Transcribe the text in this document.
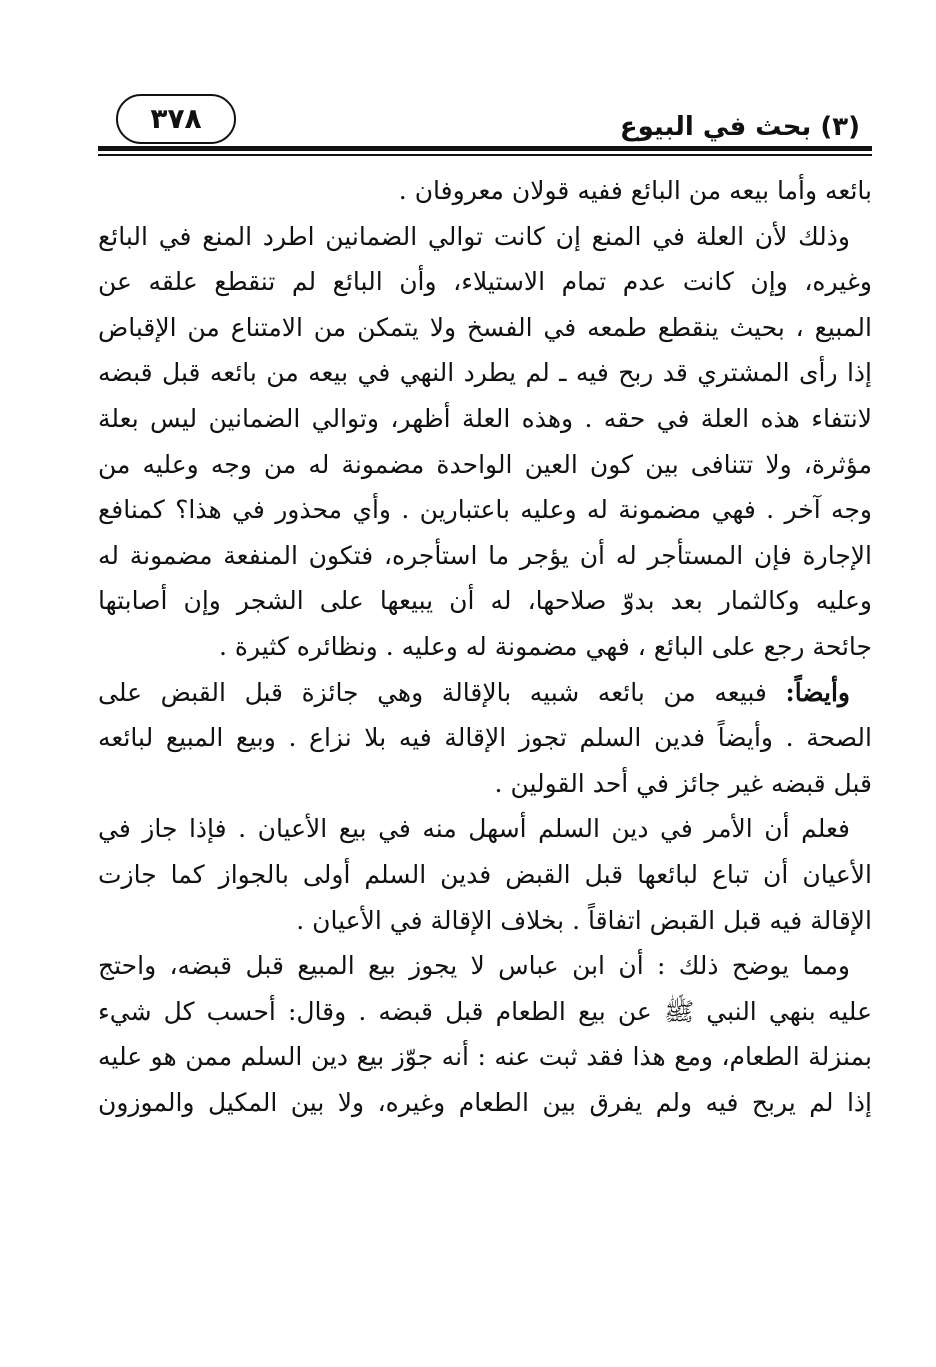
٣٧٨	(٣) بحث في البيوع
بائعه وأما بيعه من البائع ففيه قولان معروفان .
وذلك لأن العلة في المنع إن كانت توالي الضمانين اطرد المنع في البائع
وغيره، وإن كانت عدم تمام الاستيلاء، وأن البائع لم تنقطع علقه عن
المبيع ، بحيث ينقطع طمعه في الفسخ ولا يتمكن من الامتناع من الإقباض
إذا رأى المشتري قد ربح فيه ـ لم يطرد النهي في بيعه من بائعه قبل قبضه
لانتفاء هذه العلة في حقه . وهذه العلة أظهر، وتوالي الضمانين ليس بعلة
مؤثرة، ولا تتنافى بين كون العين الواحدة مضمونة له من وجه وعليه من
وجه آخر . فهي مضمونة له وعليه باعتبارين . وأي محذور في هذا؟ كمنافع
الإجارة فإن المستأجر له أن يؤجر ما استأجره، فتكون المنفعة مضمونة له
وعليه وكالثمار بعد بدوّ صلاحها، له أن يبيعها على الشجر وإن أصابتها
جائحة رجع على البائع ، فهي مضمونة له وعليه . ونظائره كثيرة .
وأيضاً: فبيعه من بائعه شبيه بالإقالة وهي جائزة قبل القبض على
الصحة . وأيضاً فدين السلم تجوز الإقالة فيه بلا نزاع . وبيع المبيع لبائعه
قبل قبضه غير جائز في أحد القولين .
فعلم أن الأمر في دين السلم أسهل منه في بيع الأعيان . فإذا جاز في
الأعيان أن تباع لبائعها قبل القبض فدين السلم أولى بالجواز كما جازت
الإقالة فيه قبل القبض اتفاقاً . بخلاف الإقالة في الأعيان .
ومما يوضح ذلك : أن ابن عباس لا يجوز بيع المبيع قبل قبضه، واحتج
عليه بنهي النبي ﷺ عن بيع الطعام قبل قبضه . وقال: أحسب كل شيء
بمنزلة الطعام، ومع هذا فقد ثبت عنه : أنه جوّز بيع دين السلم ممن هو عليه
إذا لم يربح فيه ولم يفرق بين الطعام وغيره، ولا بين المكيل والموزون
